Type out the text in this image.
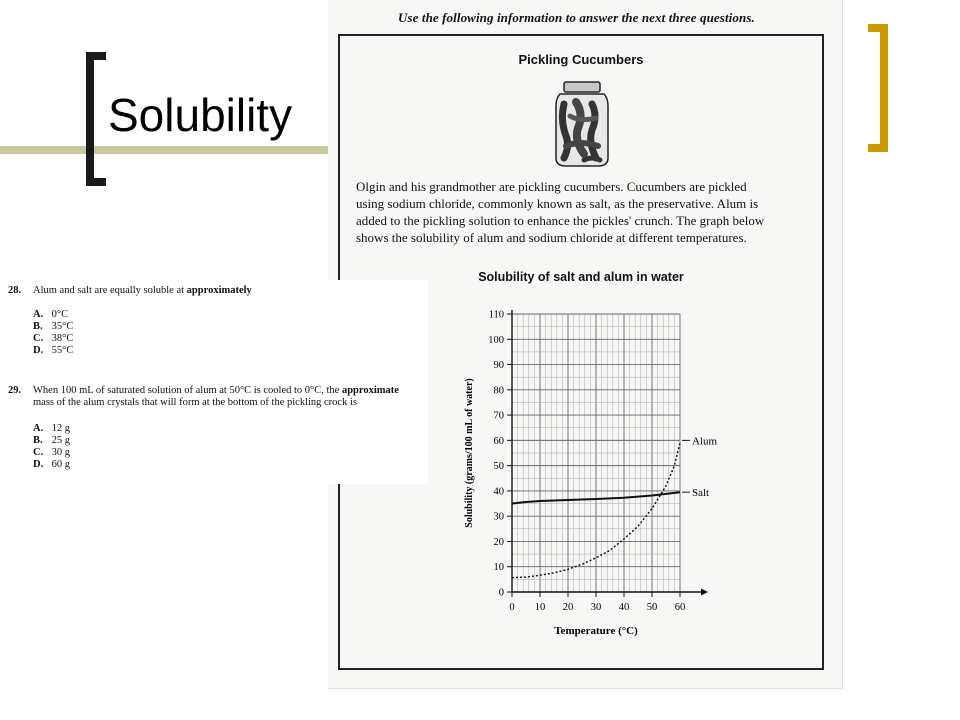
Solubility

Use the following information to answer the next three questions.

Pickling Cucumbers
Olgin and his grandmother are pickling cucumbers. Cucumbers are pickled
using sodium chloride, commonly known as salt, as the preservative. Alum is
added to the pickling solution to enhance the pickles' crunch. The graph below
shows the solubility of alum and sodium chloride at different temperatures.
Solubility of salt and alum in water
0
10
20
30
40
50
60
70
80
90
100
110
0 10 20 30 40 50 60
Temperature (°C)
Solubility (grams/100 mL of water)	Salt
Alum
28. Alum and salt are equally soluble at approximately
A. 0°C
B. 35°C
C. 38°C
D. 55°C
29. When 100 mL of saturated solution of alum at 50°C is cooled to 0°C, the approximate
mass of the alum crystals that will form at the bottom of the pickling crock is
A. 12 g
B. 25 g
C. 30 g
D. 60 g
